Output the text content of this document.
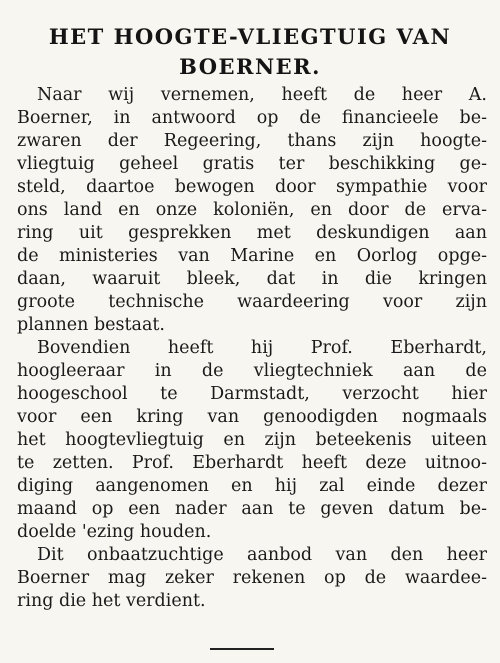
HET HOOGTE-VLIEGTUIG VAN
BOERNER.
Naar wij vernemen, heeft de heer A.
Boerner, in antwoord op de financieele be-
zwaren der Regeering, thans zijn hoogte-
vliegtuig geheel gratis ter beschikking ge-
steld, daartoe bewogen door sympathie voor
ons land en onze koloniën, en door de erva-
ring uit gesprekken met deskundigen aan
de ministeries van Marine en Oorlog opge-
daan, waaruit bleek, dat in die kringen
groote technische waardeering voor zijn
plannen bestaat.
Bovendien heeft hij Prof. Eberhardt,
hoogleeraar in de vliegtechniek aan de
hoogeschool te Darmstadt, verzocht hier
voor een kring van genoodigden nogmaals
het hoogtevliegtuig en zijn beteekenis uiteen
te zetten. Prof. Eberhardt heeft deze uitnoo-
diging aangenomen en hij zal einde dezer
maand op een nader aan te geven datum be-
doelde 'ezing houden.
Dit onbaatzuchtige aanbod van den heer
Boerner mag zeker rekenen op de waardee-
ring die het verdient.
